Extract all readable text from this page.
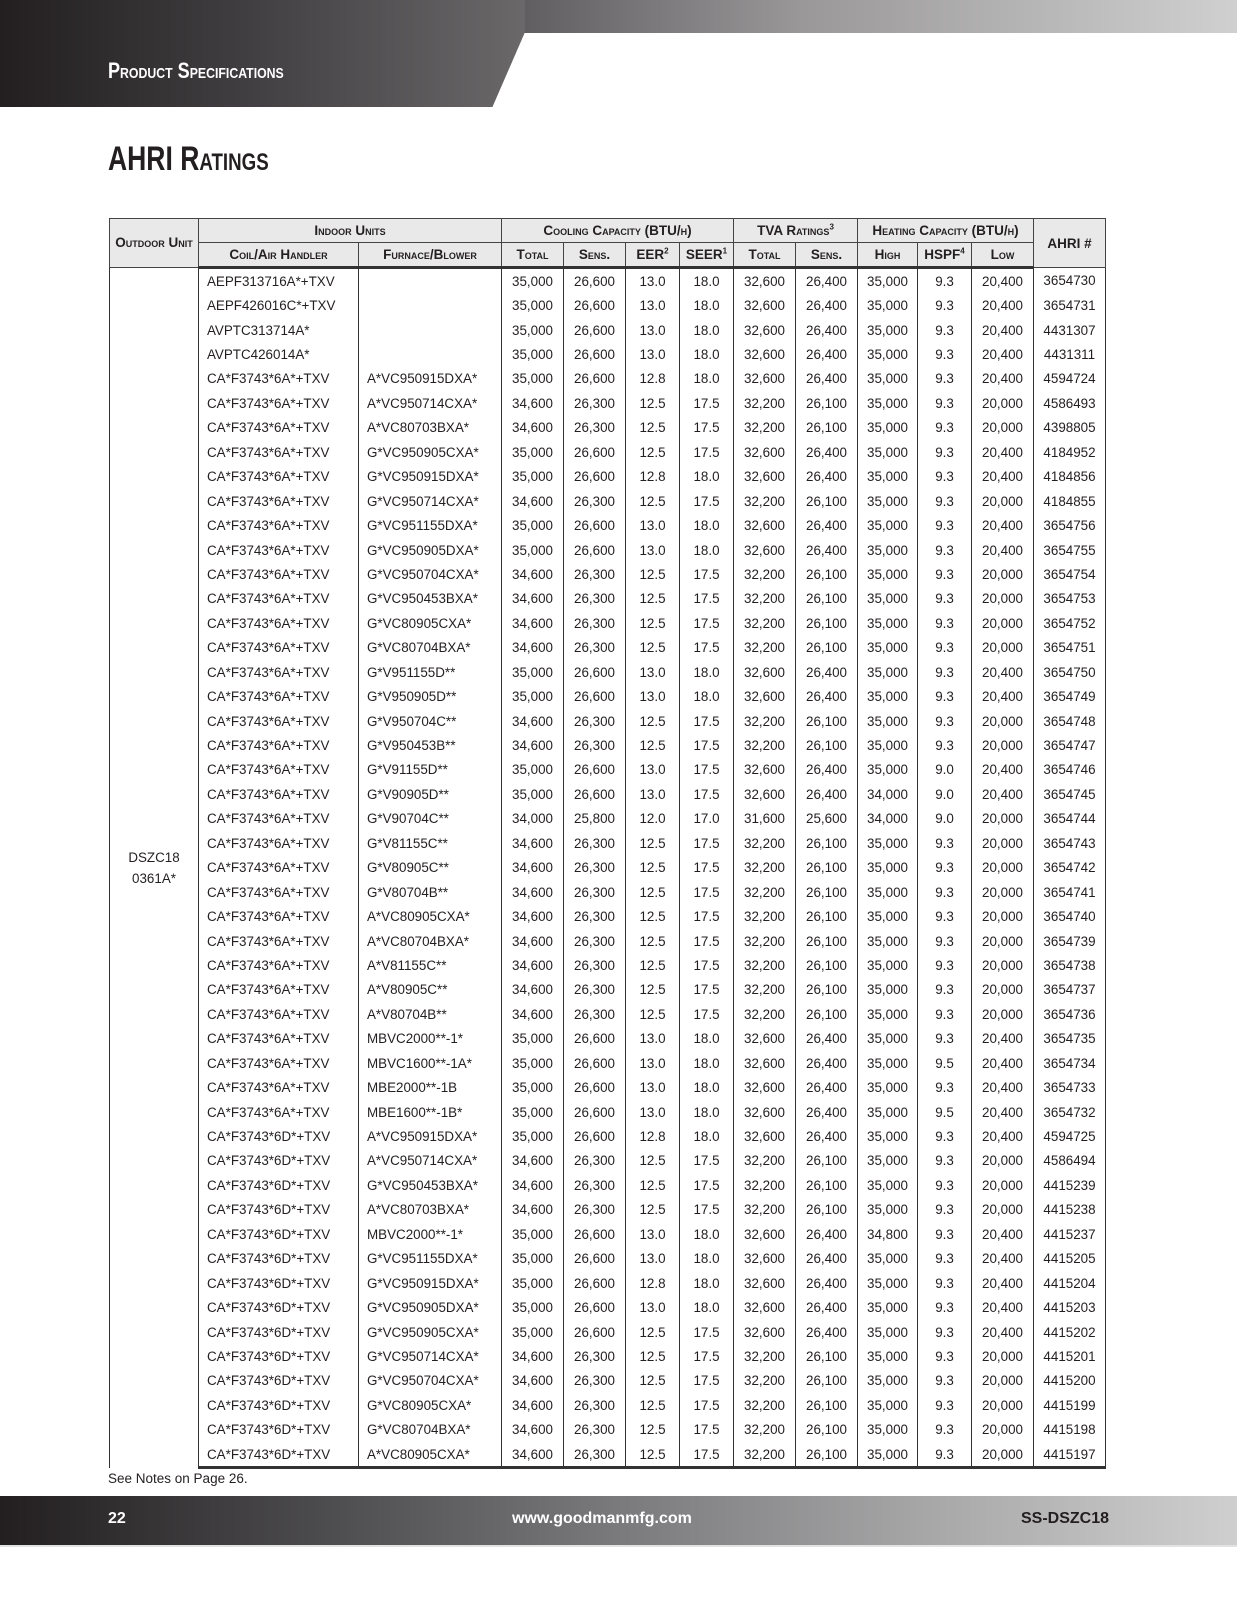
Product Specifications
AHRI Ratings
Outdoor Unit	Indoor Units		Cooling Capacity (BTU/h)				TVA Ratings$^3$		Heating Capacity (BTU/h)			AHRI #
	Coil/Air Handler	Furnace/Blower	Total	Sens.	EER$^2$	SEER$^1$	Total	Sens.	High	HSPF$^4$	Low	

DSZC18
0361A*	AEPF313716A*+TXV		35,000	26,600	13.0	18.0	32,600	26,400	35,000	9.3	20,400	3654730
	AEPF426016C*+TXV		35,000	26,600	13.0	18.0	32,600	26,400	35,000	9.3	20,400	3654731
	AVPTC313714A*		35,000	26,600	13.0	18.0	32,600	26,400	35,000	9.3	20,400	4431307
	AVPTC426014A*		35,000	26,600	13.0	18.0	32,600	26,400	35,000	9.3	20,400	4431311
	CA*F3743*6A*+TXV	A*VC950915DXA*	35,000	26,600	12.8	18.0	32,600	26,400	35,000	9.3	20,400	4594724
	CA*F3743*6A*+TXV	A*VC950714CXA*	34,600	26,300	12.5	17.5	32,200	26,100	35,000	9.3	20,000	4586493
	CA*F3743*6A*+TXV	A*VC80703BXA*	34,600	26,300	12.5	17.5	32,200	26,100	35,000	9.3	20,000	4398805
	CA*F3743*6A*+TXV	G*VC950905CXA*	35,000	26,600	12.5	17.5	32,600	26,400	35,000	9.3	20,400	4184952
	CA*F3743*6A*+TXV	G*VC950915DXA*	35,000	26,600	12.8	18.0	32,600	26,400	35,000	9.3	20,400	4184856
	CA*F3743*6A*+TXV	G*VC950714CXA*	34,600	26,300	12.5	17.5	32,200	26,100	35,000	9.3	20,000	4184855
	CA*F3743*6A*+TXV	G*VC951155DXA*	35,000	26,600	13.0	18.0	32,600	26,400	35,000	9.3	20,400	3654756
	CA*F3743*6A*+TXV	G*VC950905DXA*	35,000	26,600	13.0	18.0	32,600	26,400	35,000	9.3	20,400	3654755
	CA*F3743*6A*+TXV	G*VC950704CXA*	34,600	26,300	12.5	17.5	32,200	26,100	35,000	9.3	20,000	3654754
	CA*F3743*6A*+TXV	G*VC950453BXA*	34,600	26,300	12.5	17.5	32,200	26,100	35,000	9.3	20,000	3654753
	CA*F3743*6A*+TXV	G*VC80905CXA*	34,600	26,300	12.5	17.5	32,200	26,100	35,000	9.3	20,000	3654752
	CA*F3743*6A*+TXV	G*VC80704BXA*	34,600	26,300	12.5	17.5	32,200	26,100	35,000	9.3	20,000	3654751
	CA*F3743*6A*+TXV	G*V951155D**	35,000	26,600	13.0	18.0	32,600	26,400	35,000	9.3	20,400	3654750
	CA*F3743*6A*+TXV	G*V950905D**	35,000	26,600	13.0	18.0	32,600	26,400	35,000	9.3	20,400	3654749
	CA*F3743*6A*+TXV	G*V950704C**	34,600	26,300	12.5	17.5	32,200	26,100	35,000	9.3	20,000	3654748
	CA*F3743*6A*+TXV	G*V950453B**	34,600	26,300	12.5	17.5	32,200	26,100	35,000	9.3	20,000	3654747
	CA*F3743*6A*+TXV	G*V91155D**	35,000	26,600	13.0	17.5	32,600	26,400	35,000	9.0	20,400	3654746
	CA*F3743*6A*+TXV	G*V90905D**	35,000	26,600	13.0	17.5	32,600	26,400	34,000	9.0	20,400	3654745
	CA*F3743*6A*+TXV	G*V90704C**	34,000	25,800	12.0	17.0	31,600	25,600	34,000	9.0	20,000	3654744
	CA*F3743*6A*+TXV	G*V81155C**	34,600	26,300	12.5	17.5	32,200	26,100	35,000	9.3	20,000	3654743
	CA*F3743*6A*+TXV	G*V80905C**	34,600	26,300	12.5	17.5	32,200	26,100	35,000	9.3	20,000	3654742
	CA*F3743*6A*+TXV	G*V80704B**	34,600	26,300	12.5	17.5	32,200	26,100	35,000	9.3	20,000	3654741
	CA*F3743*6A*+TXV	A*VC80905CXA*	34,600	26,300	12.5	17.5	32,200	26,100	35,000	9.3	20,000	3654740
	CA*F3743*6A*+TXV	A*VC80704BXA*	34,600	26,300	12.5	17.5	32,200	26,100	35,000	9.3	20,000	3654739
	CA*F3743*6A*+TXV	A*V81155C**	34,600	26,300	12.5	17.5	32,200	26,100	35,000	9.3	20,000	3654738
	CA*F3743*6A*+TXV	A*V80905C**	34,600	26,300	12.5	17.5	32,200	26,100	35,000	9.3	20,000	3654737
	CA*F3743*6A*+TXV	A*V80704B**	34,600	26,300	12.5	17.5	32,200	26,100	35,000	9.3	20,000	3654736
	CA*F3743*6A*+TXV	MBVC2000**-1*	35,000	26,600	13.0	18.0	32,600	26,400	35,000	9.3	20,400	3654735
	CA*F3743*6A*+TXV	MBVC1600**-1A*	35,000	26,600	13.0	18.0	32,600	26,400	35,000	9.5	20,400	3654734
	CA*F3743*6A*+TXV	MBE2000**-1B	35,000	26,600	13.0	18.0	32,600	26,400	35,000	9.3	20,400	3654733
	CA*F3743*6A*+TXV	MBE1600**-1B*	35,000	26,600	13.0	18.0	32,600	26,400	35,000	9.5	20,400	3654732
	CA*F3743*6D*+TXV	A*VC950915DXA*	35,000	26,600	12.8	18.0	32,600	26,400	35,000	9.3	20,400	4594725
	CA*F3743*6D*+TXV	A*VC950714CXA*	34,600	26,300	12.5	17.5	32,200	26,100	35,000	9.3	20,000	4586494
	CA*F3743*6D*+TXV	G*VC950453BXA*	34,600	26,300	12.5	17.5	32,200	26,100	35,000	9.3	20,000	4415239
	CA*F3743*6D*+TXV	A*VC80703BXA*	34,600	26,300	12.5	17.5	32,200	26,100	35,000	9.3	20,000	4415238
	CA*F3743*6D*+TXV	MBVC2000**-1*	35,000	26,600	13.0	18.0	32,600	26,400	34,800	9.3	20,400	4415237
	CA*F3743*6D*+TXV	G*VC951155DXA*	35,000	26,600	13.0	18.0	32,600	26,400	35,000	9.3	20,400	4415205
	CA*F3743*6D*+TXV	G*VC950915DXA*	35,000	26,600	12.8	18.0	32,600	26,400	35,000	9.3	20,400	4415204
	CA*F3743*6D*+TXV	G*VC950905DXA*	35,000	26,600	13.0	18.0	32,600	26,400	35,000	9.3	20,400	4415203
	CA*F3743*6D*+TXV	G*VC950905CXA*	35,000	26,600	12.5	17.5	32,600	26,400	35,000	9.3	20,400	4415202
	CA*F3743*6D*+TXV	G*VC950714CXA*	34,600	26,300	12.5	17.5	32,200	26,100	35,000	9.3	20,000	4415201
	CA*F3743*6D*+TXV	G*VC950704CXA*	34,600	26,300	12.5	17.5	32,200	26,100	35,000	9.3	20,000	4415200
	CA*F3743*6D*+TXV	G*VC80905CXA*	34,600	26,300	12.5	17.5	32,200	26,100	35,000	9.3	20,000	4415199
	CA*F3743*6D*+TXV	G*VC80704BXA*	34,600	26,300	12.5	17.5	32,200	26,100	35,000	9.3	20,000	4415198
	CA*F3743*6D*+TXV	A*VC80905CXA*	34,600	26,300	12.5	17.5	32,200	26,100	35,000	9.3	20,000	4415197
See Notes on Page 26.
22	www.goodmanmfg.com	SS-DSZC18
